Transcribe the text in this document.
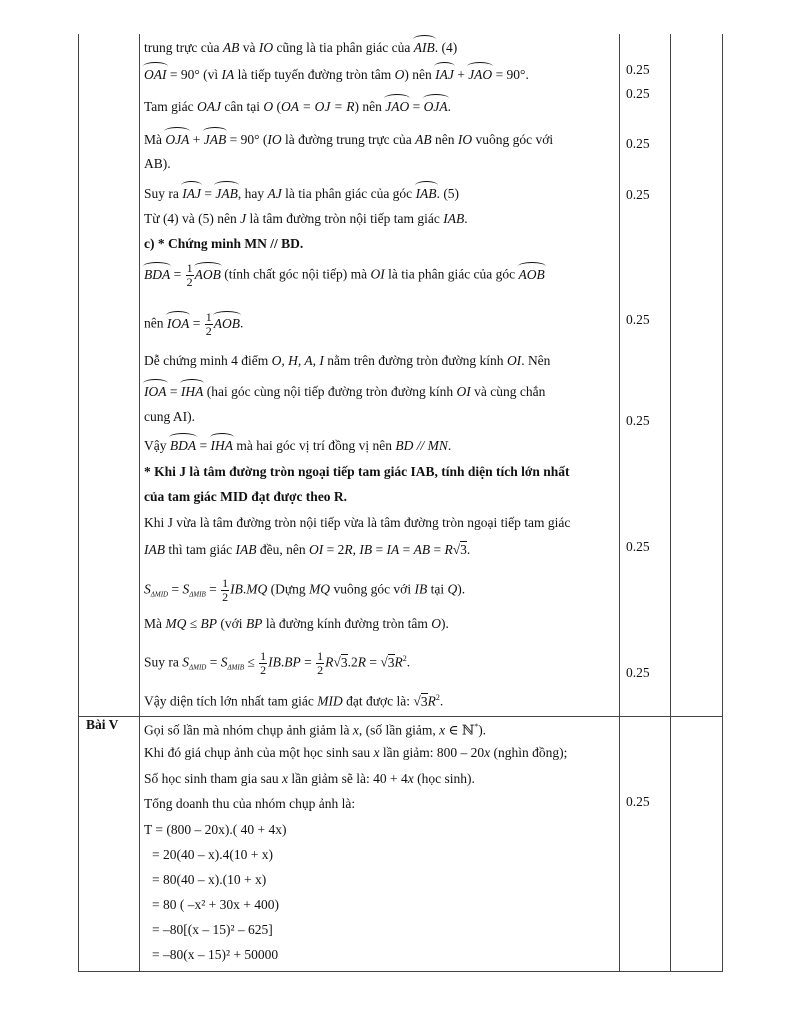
Bài V
0.25
0.25
0.25
0.25
0.25
0.25
0.25
0.25
0.25
trung trực của AB và IO cũng là tia phân giác của AIB. (4)
OAI = 90° (vì IA là tiếp tuyến đường tròn tâm O) nên IAJ + JAO = 90°.
Tam giác OAJ cân tại O (OA = OJ = R) nên JAO = OJA.
Mà OJA + JAB = 90° (IO là đường trung trực của AB nên IO vuông góc với
AB).
Suy ra IAJ = JAB, hay AJ là tia phân giác của góc IAB. (5)
Từ (4) và (5) nên J là tâm đường tròn nội tiếp tam giác IAB.
c) * Chứng minh MN // BD.
BDA = $\frac{1}{2}$ AOB (tính chất góc nội tiếp) mà OI là tia phân giác của góc AOB
nên IOA = $\frac{1}{2}$ AOB.
Dễ chứng minh 4 điểm O, H, A, I nằm trên đường tròn đường kính OI. Nên
IOA = IHA (hai góc cùng nội tiếp đường tròn đường kính OI và cùng chắn
cung AI).
Vậy BDA = IHA mà hai góc vị trí đồng vị nên BD // MN.
* Khi J là tâm đường tròn ngoại tiếp tam giác IAB, tính diện tích lớn nhất
của tam giác MID đạt được theo R.
Khi J vừa là tâm đường tròn nội tiếp vừa là tâm đường tròn ngoại tiếp tam giác
IAB thì tam giác IAB đều, nên OI = 2R, IB = IA = AB = R√3.
$S_{\Delta MID} = S_{\Delta MIB} = \frac{1}{2} IB.MQ$ (Dựng MQ vuông góc với IB tại Q).
Mà MQ ≤ BP (với BP là đường kính đường tròn tâm O).
Suy ra $S_{\Delta MID} = S_{\Delta MIB} \le \frac{1}{2} IB.BP = \frac{1}{2} R√3.2R = √3R^2$.
Vậy diện tích lớn nhất tam giác MID đạt được là: $√3R^2$.
Gọi số lần mà nhóm chụp ảnh giảm là x, (số lần giảm, x ∈ ℕ*).
Khi đó giá chụp ảnh của một học sinh sau x lần giảm: 800 – 20x (nghìn đồng);
Số học sinh tham gia sau x lần giảm sẽ là: 40 + 4x (học sinh).
Tổng doanh thu của nhóm chụp ảnh là:
T = (800 – 20x).( 40 + 4x)
= 20(40 – x).4(10 + x)
= 80(40 – x).(10 + x)
= 80 ( –x² + 30x + 400)
= –80[(x – 15)² – 625]
= –80(x – 15)² + 50000
